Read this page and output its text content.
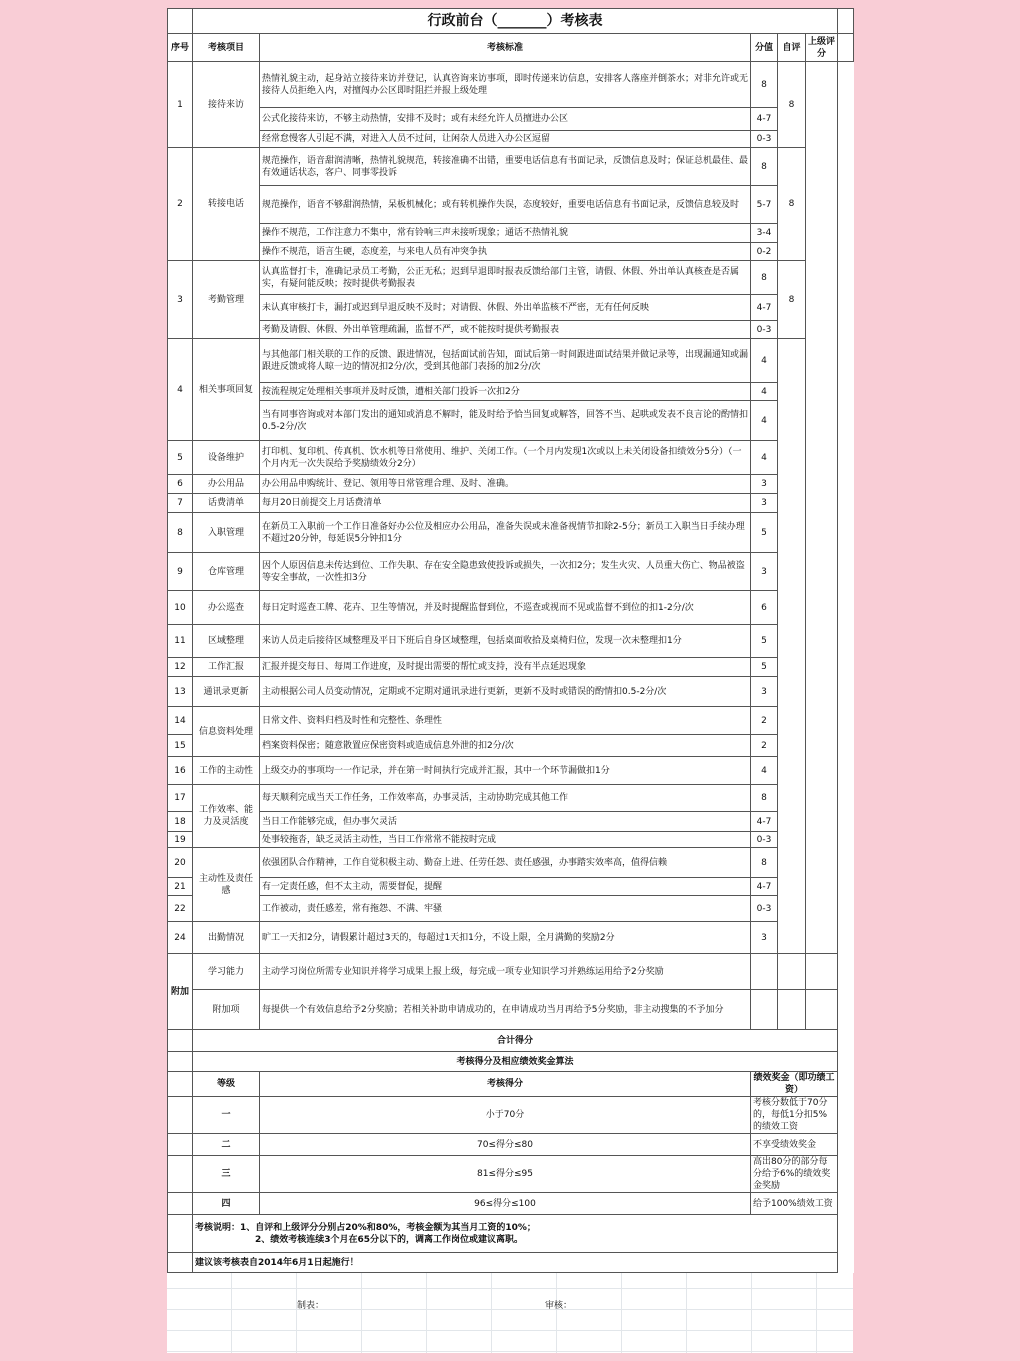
	行政前台（_______）考核表					
序号	考核项目	考核标准	分值	自评	上级评分	
1	接待来访	热情礼貌主动，起身站立接待来访并登记，认真咨询来访事项，即时传递来访信息，安排客人落座并倒茶水；对非允许或无接待人员拒绝入内，对擅闯办公区即时阻拦并报上级处理	8	8		
		公式化接待来访，不够主动热情，安排不及时；或有未经允许人员擅进办公区	4-7			
		经常怠慢客人引起不满，对进入人员不过问，让闲杂人员进入办公区逗留	0-3			
2	转接电话	规范操作，语音甜润清晰，热情礼貌规范，转接准确不出错，重要电话信息有书面记录，反馈信息及时；保证总机最佳、最有效通话状态，客户、同事零投诉	8	8		
		规范操作，语音不够甜润热情，呆板机械化；或有转机操作失误，态度较好，重要电话信息有书面记录，反馈信息较及时	5-7			
		操作不规范，工作注意力不集中，常有铃响三声未接听现象；通话不热情礼貌	3-4			
		操作不规范，语言生硬，态度差，与来电人员有冲突争执	0-2			
3	考勤管理	认真监督打卡，准确记录员工考勤，公正无私；迟到早退即时报表反馈给部门主管，请假、休假、外出单认真核查是否属实，有疑问能反映；按时提供考勤报表	8	8		
		未认真审核打卡，漏打或迟到早退反映不及时；对请假、休假、外出单监核不严密，无有任何反映	4-7			
		考勤及请假、休假、外出单管理疏漏，监督不严，或不能按时提供考勤报表	0-3			
4	相关事项回复	与其他部门相关联的工作的反馈、跟进情况，包括面试前告知，面试后第一时间跟进面试结果并做记录等，出现漏通知或漏跟进反馈或将人晾一边的情况扣2分/次，受到其他部门表扬的加2分/次	4			
		按流程规定处理相关事项并及时反馈，遭相关部门投诉一次扣2分	4			
		当有同事咨询或对本部门发出的通知或消息不解时，能及时给予恰当回复或解答，回答不当、起哄或发表不良言论的酌情扣0.5-2分/次	4			
5	设备维护	打印机、复印机、传真机、饮水机等日常使用、维护、关闭工作。（一个月内发现1次或以上未关闭设备扣绩效分5分）（一个月内无一次失误给予奖励绩效分2分）	4			
6	办公用品	办公用品申购统计、登记、领用等日常管理合理、及时、准确。	3			
7	话费清单	每月20日前提交上月话费清单	3			
8	入职管理	在新员工入职前一个工作日准备好办公位及相应办公用品，准备失误或未准备视情节扣除2-5分；新员工入职当日手续办理不超过20分钟，每延误5分钟扣1分	5			
9	仓库管理	因个人原因信息未传达到位、工作失职、存在安全隐患致使投诉或损失，一次扣2分；发生火灾、人员重大伤亡、物品被盗等安全事故，一次性扣3分	3			
10	办公巡查	每日定时巡查工牌、花卉、卫生等情况，并及时提醒监督到位，不巡查或视而不见或监督不到位的扣1-2分/次	6			
11	区域整理	来访人员走后接待区域整理及平日下班后自身区域整理，包括桌面收拾及桌椅归位，发现一次未整理扣1分	5			
12	工作汇报	汇报并提交每日、每周工作进度，及时提出需要的帮忙或支持，没有半点延迟现象	5			
13	通讯录更新	主动根据公司人员变动情况，定期或不定期对通讯录进行更新，更新不及时或错误的酌情扣0.5-2分/次	3			
14	信息资料处理	日常文件、资料归档及时性和完整性、条理性	2			
15		档案资料保密；随意散置应保密资料或造成信息外泄的扣2分/次	2			
16	工作的主动性	上级交办的事项均一一作记录，并在第一时间执行完成并汇报，其中一个环节漏做扣1分	4			
17	工作效率、能力及灵活度	每天顺利完成当天工作任务，工作效率高，办事灵活，主动协助完成其他工作	8			
18		当日工作能够完成，但办事欠灵活	4-7			
19		处事较拖沓，缺乏灵活主动性，当日工作常常不能按时完成	0-3			
20	主动性及责任感	依强团队合作精神，工作自觉积极主动、勤奋上进、任劳任怨、责任感强，办事踏实效率高，值得信赖	8			
21		有一定责任感，但不太主动，需要督促，提醒	4-7			
22		工作被动，责任感差，常有拖怨、不满、牢骚	0-3			
24	出勤情况	旷工一天扣2分，请假累计超过3天的，每超过1天扣1分，不设上限，全月满勤的奖励2分	3			
附加	学习能力	主动学习岗位所需专业知识并将学习成果上报上级，每完成一项专业知识学习并熟练运用给予2分奖励				
	附加项	每提供一个有效信息给予2分奖励；若相关补助申请成功的，在申请成功当月再给予5分奖励，非主动搜集的不予加分				
	合计得分					
	考核得分及相应绩效奖金算法					
	等级	考核得分	绩效奖金（即功绩工资）			
	一	小于70分	考核分数低于70分的，每低1分扣5%的绩效工资			
	二	70≤得分≤80	不享受绩效奖金			
	三	81≤得分≤95	高出80分的部分每分给予6%的绩效奖金奖励			
	四	96≤得分≤100	给予100%绩效工资			

	考核说明：1、自评和上级评分分别占20%和80%，考核金额为其当月工资的10%；
2、绩效考核连续3个月在65分以下的，调离工作岗位或建议离职。					

	建议该考核表自2014年6月1日起施行！					
制表：	审核：
